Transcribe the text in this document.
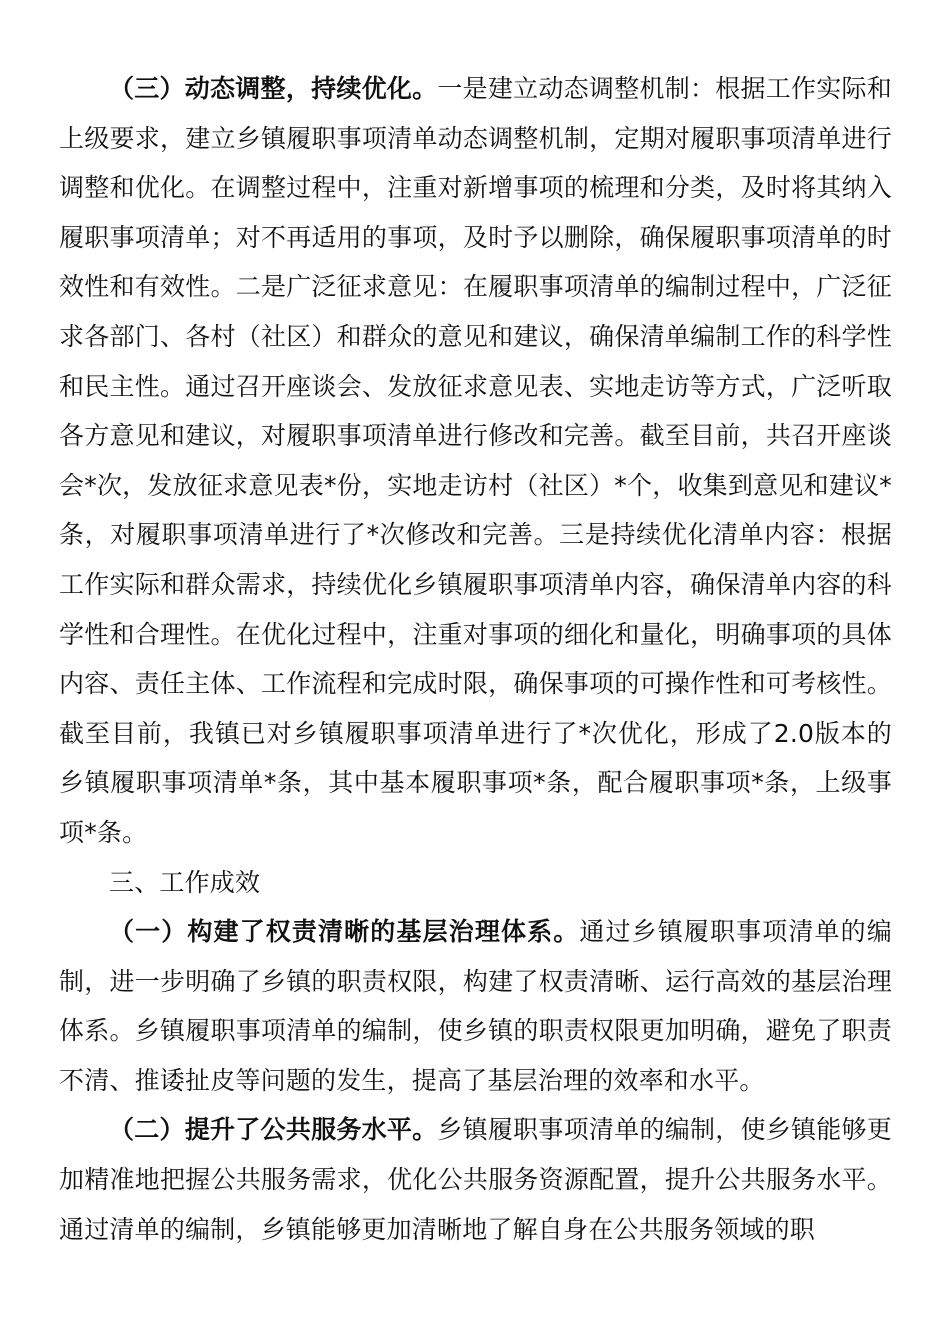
（三）动态调整，持续优化。一是建立动态调整机制：根据工作实际和上级要求，建立乡镇履职事项清单动态调整机制，定期对履职事项清单进行调整和优化。在调整过程中，注重对新增事项的梳理和分类，及时将其纳入履职事项清单；对不再适用的事项，及时予以删除，确保履职事项清单的时效性和有效性。二是广泛征求意见：在履职事项清单的编制过程中，广泛征求各部门、各村（社区）和群众的意见和建议，确保清单编制工作的科学性和民主性。通过召开座谈会、发放征求意见表、实地走访等方式，广泛听取各方意见和建议，对履职事项清单进行修改和完善。截至目前，共召开座谈会*次，发放征求意见表*份，实地走访村（社区）*个，收集到意见和建议*条，对履职事项清单进行了*次修改和完善。三是持续优化清单内容：根据工作实际和群众需求，持续优化乡镇履职事项清单内容，确保清单内容的科学性和合理性。在优化过程中，注重对事项的细化和量化，明确事项的具体内容、责任主体、工作流程和完成时限，确保事项的可操作性和可考核性。截至目前，我镇已对乡镇履职事项清单进行了*次优化，形成了2.0版本的乡镇履职事项清单*条，其中基本履职事项*条，配合履职事项*条，上级事项*条。

三、工作成效

（一）构建了权责清晰的基层治理体系。通过乡镇履职事项清单的编制，进一步明确了乡镇的职责权限，构建了权责清晰、运行高效的基层治理体系。乡镇履职事项清单的编制，使乡镇的职责权限更加明确，避免了职责不清、推诿扯皮等问题的发生，提高了基层治理的效率和水平。

（二）提升了公共服务水平。乡镇履职事项清单的编制，使乡镇能够更加精准地把握公共服务需求，优化公共服务资源配置，提升公共服务水平。通过清单的编制，乡镇能够更加清晰地了解自身在公共服务领域的职
